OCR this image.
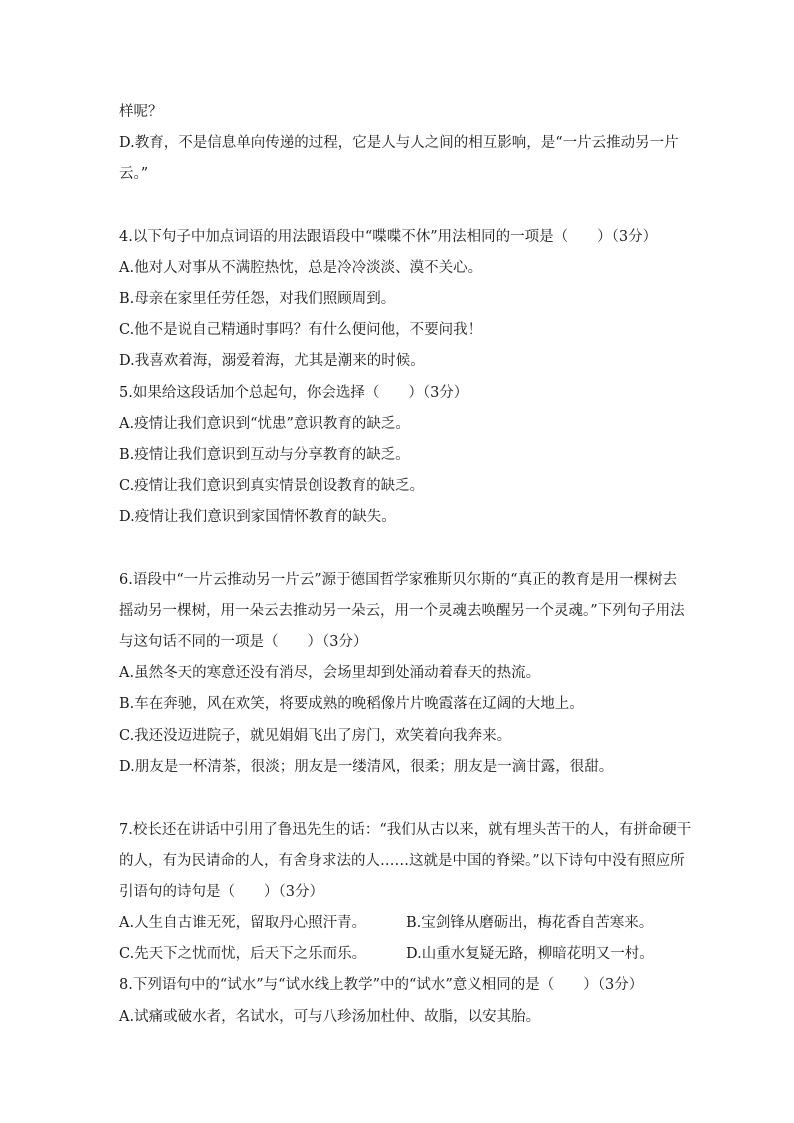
样呢？
D.教育，不是信息单向传递的过程，它是人与人之间的相互影响，是“一片云推动另一片
云。”
4.以下句子中加点词语的用法跟语段中“喋喋不休”用法相同的一项是（　　）（3分）
A.他对人对事从不满腔热忱，总是冷冷淡淡、漠不关心。
B.母亲在家里任劳任怨，对我们照顾周到。
C.他不是说自己精通时事吗？有什么便问他，不要问我！
D.我喜欢着海，溺爱着海，尤其是潮来的时候。
5.如果给这段话加个总起句，你会选择（　　）（3分）
A.疫情让我们意识到“忧患”意识教育的缺乏。
B.疫情让我们意识到互动与分享教育的缺乏。
C.疫情让我们意识到真实情景创设教育的缺乏。
D.疫情让我们意识到家国情怀教育的缺失。
6.语段中“一片云推动另一片云”源于德国哲学家雅斯贝尔斯的“真正的教育是用一棵树去
摇动另一棵树，用一朵云去推动另一朵云，用一个灵魂去唤醒另一个灵魂。”下列句子用法
与这句话不同的一项是（　　）（3分）
A.虽然冬天的寒意还没有消尽，会场里却到处涌动着春天的热流。
B.车在奔驰，风在欢笑，将要成熟的晚稻像片片晚霞落在辽阔的大地上。
C.我还没迈进院子，就见娟娟飞出了房门，欢笑着向我奔来。
D.朋友是一杯清茶，很淡；朋友是一缕清风，很柔；朋友是一滴甘露，很甜。
7.校长还在讲话中引用了鲁迅先生的话：“我们从古以来，就有埋头苦干的人，有拼命硬干
的人，有为民请命的人，有舍身求法的人……这就是中国的脊梁。”以下诗句中没有照应所
引语句的诗句是（　　）（3分）
A.人生自古谁无死，留取丹心照汗青。	B.宝剑锋从磨砺出，梅花香自苦寒来。
C.先天下之忧而忧，后天下之乐而乐。	D.山重水复疑无路，柳暗花明又一村。
8.下列语句中的“试水”与“试水线上教学”中的“试水”意义相同的是（　　）（3分）
A.试痛或破水者，名试水，可与八珍汤加杜仲、故脂，以安其胎。
